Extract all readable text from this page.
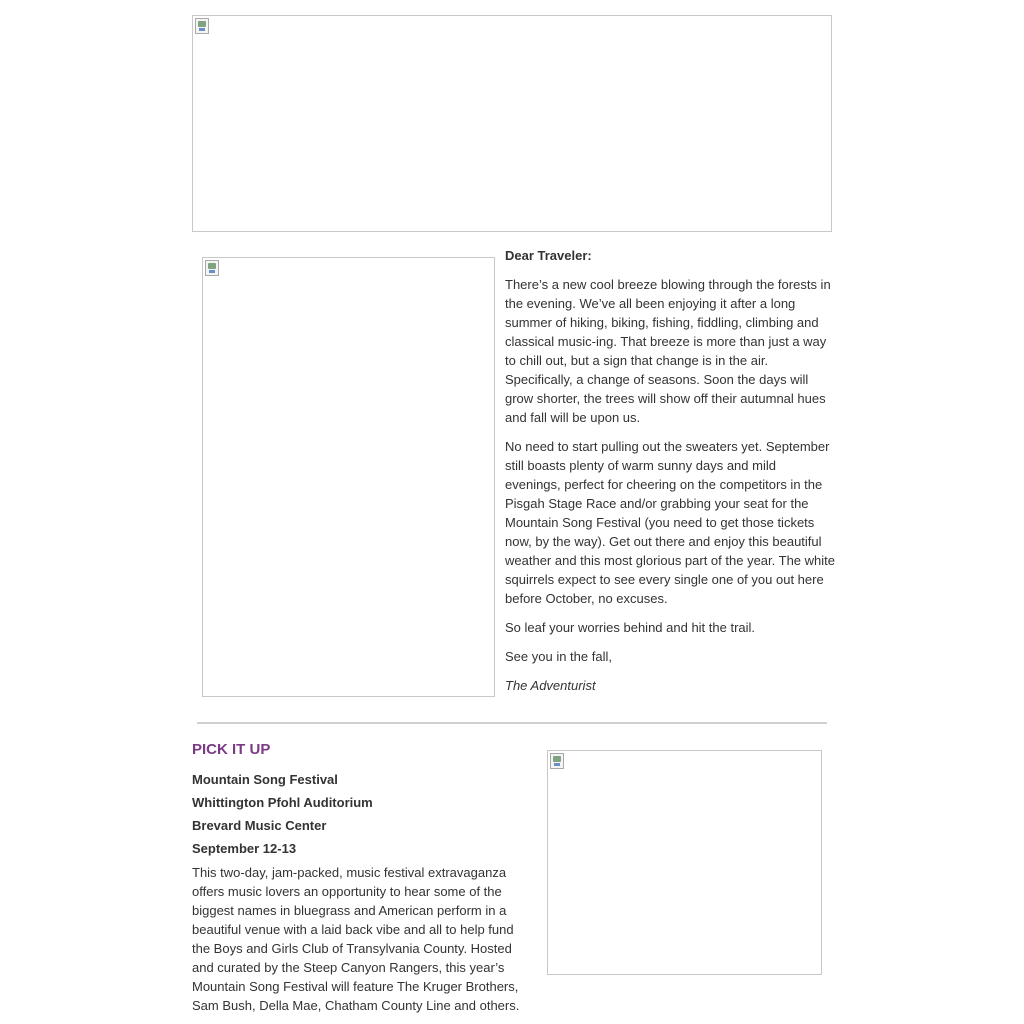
Dear Traveler:

There’s a new cool breeze blowing through the forests in the evening. We’ve all been enjoying it after a long summer of hiking, biking, fishing, fiddling, climbing and classical music-ing. That breeze is more than just a way to chill out, but a sign that change is in the air. Specifically, a change of seasons. Soon the days will grow shorter, the trees will show off their autumnal hues and fall will be upon us.

No need to start pulling out the sweaters yet. September still boasts plenty of warm sunny days and mild evenings, perfect for cheering on the competitors in the Pisgah Stage Race and/or grabbing your seat for the Mountain Song Festival (you need to get those tickets now, by the way). Get out there and enjoy this beautiful weather and this most glorious part of the year. The white squirrels expect to see every single one of you out here before October, no excuses.

So leaf your worries behind and hit the trail.

See you in the fall,

The Adventurist

PICK IT UP

Mountain Song Festival

Whittington Pfohl Auditorium

Brevard Music Center

September 12-13

This two-day, jam-packed, music festival extravaganza offers music lovers an opportunity to hear some of the biggest names in bluegrass and American perform in a beautiful venue with a laid back vibe and all to help fund the Boys and Girls Club of Transylvania County. Hosted and curated by the Steep Canyon Rangers, this year’s Mountain Song Festival will feature The Kruger Brothers, Sam Bush, Della Mae, Chatham County Line and others.
